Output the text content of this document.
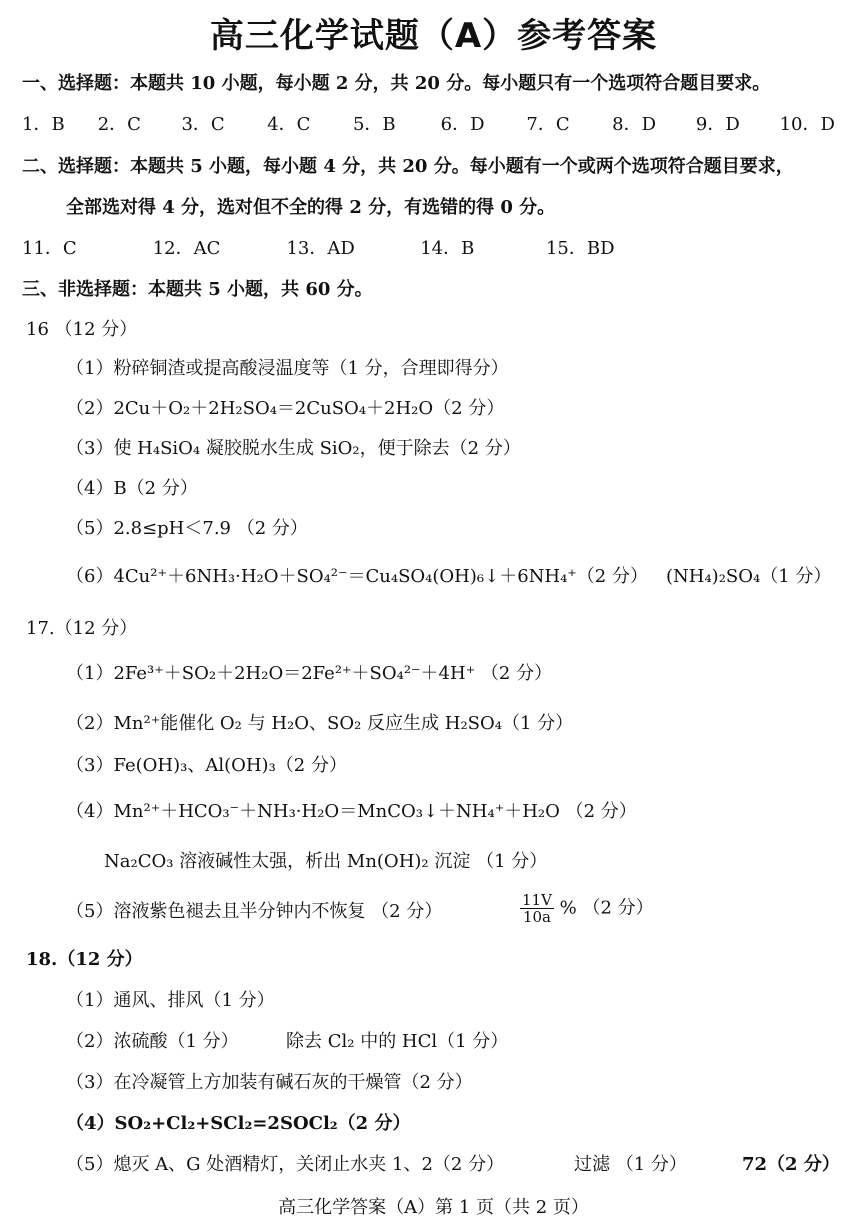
高三化学试题（A）参考答案
一、选择题：本题共 10 小题，每小题 2 分，共 20 分。每小题只有一个选项符合题目要求。
1．B 2．C 3．C 4．C 5．B	6．D 7．C 8．D 9．D 10．D
二、选择题：本题共 5 小题，每小题 4 分，共 20 分。每小题有一个或两个选项符合题目要求，
全部选对得 4 分，选对但不全的得 2 分，有选错的得 0 分。
11．C	12．AC	13．AD	14．B	15．BD
三、非选择题：本题共 5 小题，共 60 分。
16 （12 分）
（1）粉碎铜渣或提高酸浸温度等（1 分，合理即得分）
（2）2Cu＋O₂＋2H₂SO₄＝2CuSO₄＋2H₂O（2 分）
（3）使 H₄SiO₄ 凝胶脱水生成 SiO₂，便于除去（2 分）
（4）B（2 分）
（5）2.8≤pH＜7.9 （2 分）
（6）4Cu²⁺＋6NH₃·H₂O＋SO₄²⁻＝Cu₄SO₄(OH)₆↓＋6NH₄⁺（2 分） (NH₄)₂SO₄（1 分）
17.（12 分）
（1）2Fe³⁺＋SO₂＋2H₂O＝2Fe²⁺＋SO₄²⁻＋4H⁺ （2 分）
（2）Mn²⁺能催化 O₂ 与 H₂O、SO₂ 反应生成 H₂SO₄（1 分）
（3）Fe(OH)₃、Al(OH)₃（2 分）
（4）Mn²⁺＋HCO₃⁻＋NH₃·H₂O＝MnCO₃↓＋NH₄⁺＋H₂O （2 分）
Na₂CO₃ 溶液碱性太强，析出 Mn(OH)₂ 沉淀 （1 分）
（5）溶液紫色褪去且半分钟内不恢复 （2 分）	$\frac{11V}{10a}$ % （2 分）
18.（12 分）
（1）通风、排风（1 分）
（2）浓硫酸（1 分）	除去 Cl₂ 中的 HCl（1 分）
（3）在冷凝管上方加装有碱石灰的干燥管（2 分）
（4）SO₂+Cl₂+SCl₂=2SOCl₂（2 分）
（5）熄灭 A、G 处酒精灯，关闭止水夹 1、2（2 分）	过滤 （1 分）	72（2 分）
高三化学答案（A）第 1 页（共 2 页）
